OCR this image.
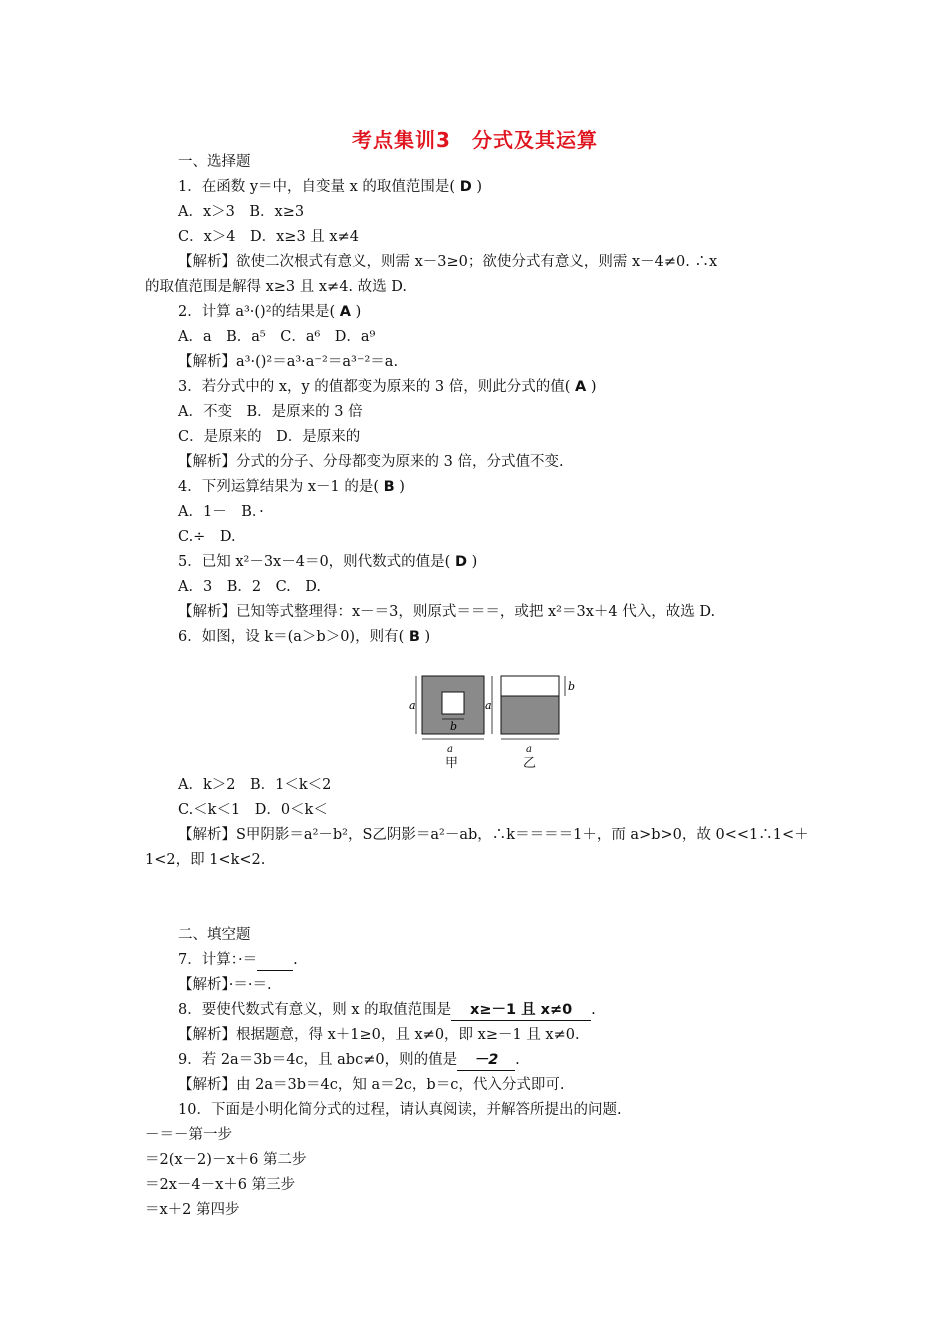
考点集训3　分式及其运算
一、选择题
1．在函数 y＝中，自变量 x 的取值范围是( D )
A．x＞3　B．x≥3
C．x＞4　D．x≥3 且 x≠4
【解析】欲使二次根式有意义，则需 x－3≥0；欲使分式有意义，则需 x－4≠0. ∴x
的取值范围是解得 x≥3 且 x≠4. 故选 D.
2．计算 a³·()²的结果是( A )
A．a　B．a⁵　C．a⁶　D．a⁹
【解析】a³·()²＝a³·a⁻²＝a³⁻²＝a.
3．若分式中的 x，y 的值都变为原来的 3 倍，则此分式的值( A )
A．不变　B．是原来的 3 倍
C．是原来的　D．是原来的
【解析】分式的分子、分母都变为原来的 3 倍，分式值不变.
4．下列运算结果为 x－1 的是( B )
A．1－　B．·
C.÷　D.
5．已知 x²－3x－4＝0，则代数式的值是( D )
A．3　B．2　C.　D.
【解析】已知等式整理得：x－＝3，则原式＝＝＝，或把 x²＝3x＋4 代入，故选 D.
6．如图，设 k＝(a＞b＞0)，则有( B )
a
b
a
b
a	a
甲	乙
A．k＞2　B．1＜k＜2
C.＜k＜1　D．0＜k＜
【解析】S甲阴影＝a²－b²，S乙阴影＝a²－ab，∴k＝＝＝＝1＋，而 a>b>0，故 0<<1∴1<＋
1<2，即 1<k<2.
二、填空题
7．计算：·＝ .
【解析】·＝·＝.
8．要使代数式有意义，则 x 的取值范围是 x≥－1 且 x≠0 .
【解析】根据题意，得 x＋1≥0，且 x≠0，即 x≥－1 且 x≠0.
9．若 2a＝3b＝4c，且 abc≠0，则的值是 －2 .
【解析】由 2a＝3b＝4c，知 a＝2c，b＝c，代入分式即可.
10．下面是小明化简分式的过程，请认真阅读，并解答所提出的问题.
－＝－第一步
＝2(x－2)－x＋6 第二步
＝2x－4－x＋6 第三步
＝x＋2 第四步
